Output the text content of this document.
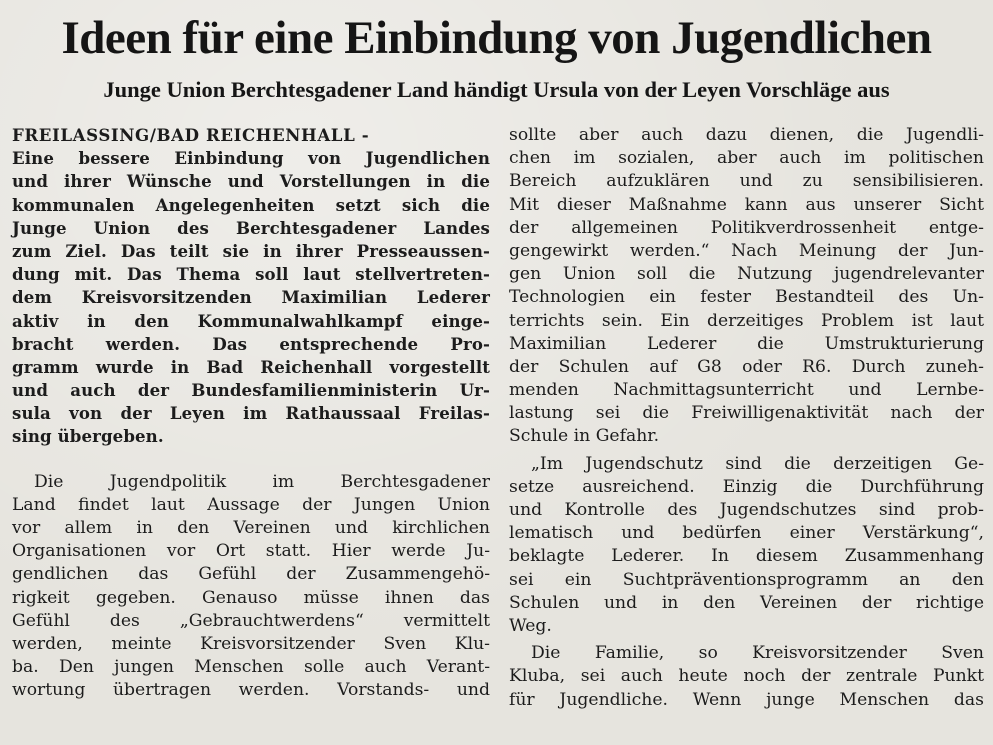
Ideen für eine Einbindung von Jugendlichen
Junge Union Berchtesgadener Land händigt Ursula von der Leyen Vorschläge aus
FREILASSING/BAD REICHENHALL -
Eine bessere Einbindung von Jugendlichen
und ihrer Wünsche und Vorstellungen in die
kommunalen Angelegenheiten setzt sich die
Junge Union des Berchtesgadener Landes
zum Ziel. Das teilt sie in ihrer Presseaussen-
dung mit. Das Thema soll laut stellvertreten-
dem Kreisvorsitzenden Maximilian Lederer
aktiv in den Kommunalwahlkampf einge-
bracht werden. Das entsprechende Pro-
gramm wurde in Bad Reichenhall vorgestellt
und auch der Bundesfamilienministerin Ur-
sula von der Leyen im Rathaussaal Freilas-
sing übergeben.
Die Jugendpolitik im Berchtesgadener
Land findet laut Aussage der Jungen Union
vor allem in den Vereinen und kirchlichen
Organisationen vor Ort statt. Hier werde Ju-
gendlichen das Gefühl der Zusammengehö-
rigkeit gegeben. Genauso müsse ihnen das
Gefühl des „Gebrauchtwerdens“ vermittelt
werden, meinte Kreisvorsitzender Sven Klu-
ba. Den jungen Menschen solle auch Verant-
wortung übertragen werden. Vorstands- und
sollte aber auch dazu dienen, die Jugendli-
chen im sozialen, aber auch im politischen
Bereich aufzuklären und zu sensibilisieren.
Mit dieser Maßnahme kann aus unserer Sicht
der allgemeinen Politikverdrossenheit entge-
gengewirkt werden.“ Nach Meinung der Jun-
gen Union soll die Nutzung jugendrelevanter
Technologien ein fester Bestandteil des Un-
terrichts sein. Ein derzeitiges Problem ist laut
Maximilian Lederer die Umstrukturierung
der Schulen auf G8 oder R6. Durch zuneh-
menden Nachmittagsunterricht und Lernbe-
lastung sei die Freiwilligenaktivität nach der
Schule in Gefahr.
„Im Jugendschutz sind die derzeitigen Ge-
setze ausreichend. Einzig die Durchführung
und Kontrolle des Jugendschutzes sind prob-
lematisch und bedürfen einer Verstärkung“,
beklagte Lederer. In diesem Zusammenhang
sei ein Suchtpräventionsprogramm an den
Schulen und in den Vereinen der richtige
Weg.
Die Familie, so Kreisvorsitzender Sven
Kluba, sei auch heute noch der zentrale Punkt
für Jugendliche. Wenn junge Menschen das
